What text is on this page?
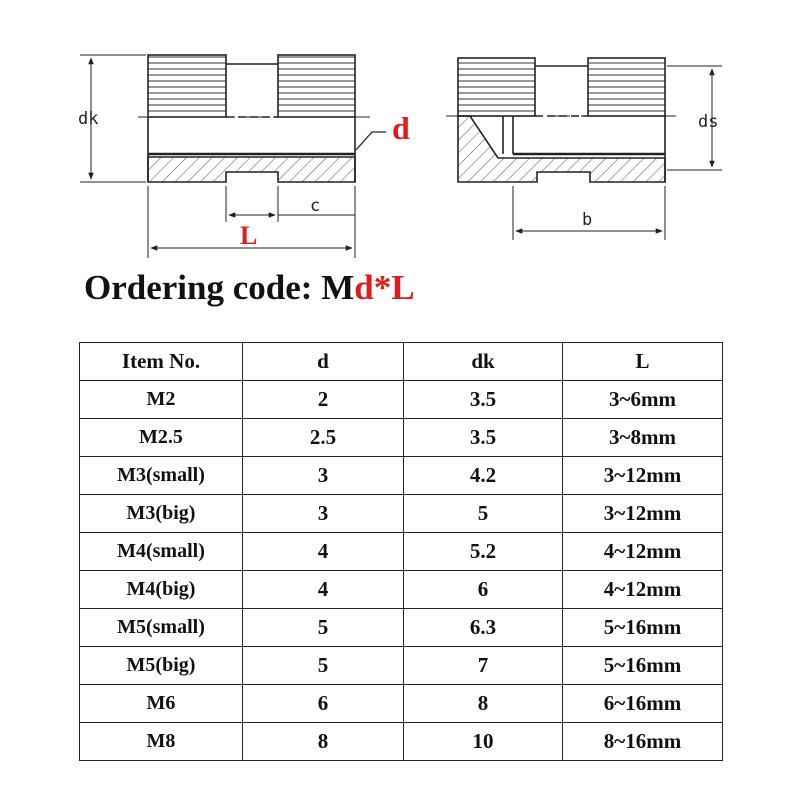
dk	ds
c
b
d
L
Ordering code: Md*L
Item No.	d	dk	L
M2	2	3.5	3~6mm
M2.5	2.5	3.5	3~8mm
M3(small)	3	4.2	3~12mm
M3(big)	3	5	3~12mm
M4(small)	4	5.2	4~12mm
M4(big)	4	6	4~12mm
M5(small)	5	6.3	5~16mm
M5(big)	5	7	5~16mm
M6	6	8	6~16mm
M8	8	10	8~16mm
